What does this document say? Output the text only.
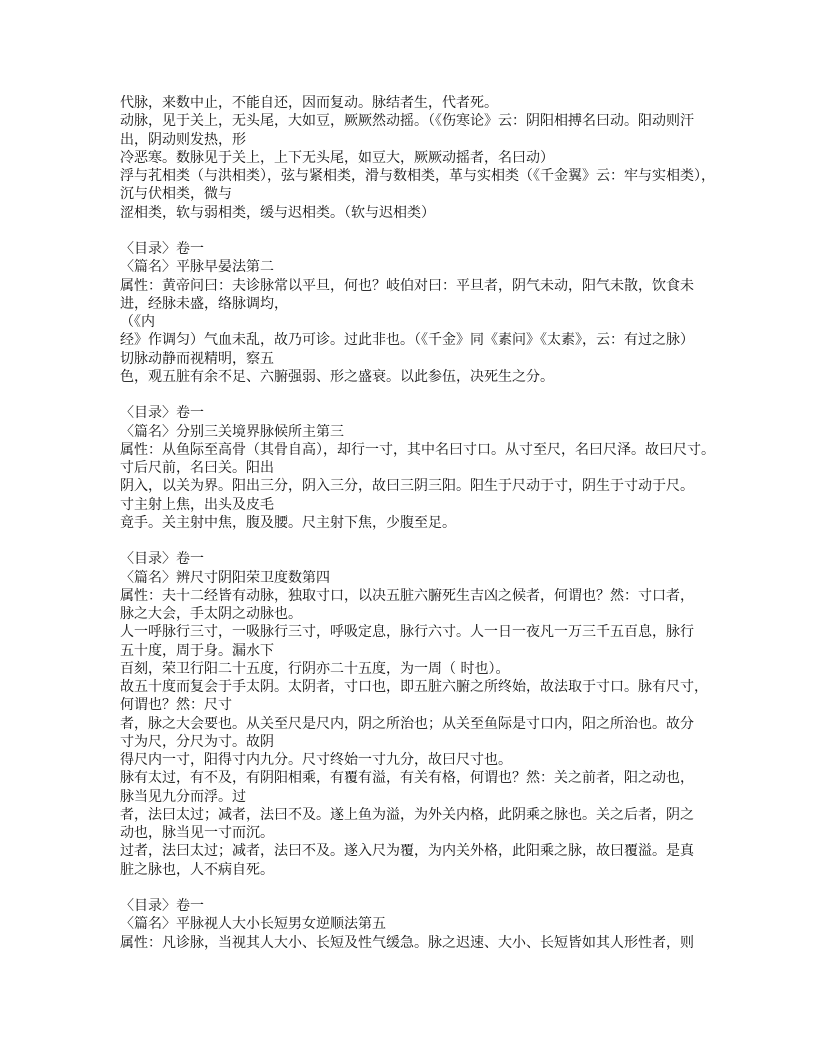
代脉，来数中止，不能自还，因而复动。脉结者生，代者死。
动脉，见于关上，无头尾，大如豆，厥厥然动摇。（《伤寒论》云：阴阳相搏名曰动。阳动则汗
出，阴动则发热，形
冷恶寒。数脉见于关上，上下无头尾，如豆大，厥厥动摇者，名曰动）
浮与芤相类（与洪相类），弦与紧相类，滑与数相类，革与实相类（《千金翼》云：牢与实相类），
沉与伏相类，微与
涩相类，软与弱相类，缓与迟相类。（软与迟相类）
〈目录〉卷一
〈篇名〉平脉早晏法第二
属性：黄帝问曰：夫诊脉常以平旦，何也？岐伯对曰：平旦者，阴气未动，阳气未散，饮食未
进，经脉未盛，络脉调均，
（《内
经》作调匀）气血未乱，故乃可诊。过此非也。（《千金》同《素问》《太素》，云：有过之脉）
切脉动静而视精明，察五
色，观五脏有余不足、六腑强弱、形之盛衰。以此参伍，决死生之分。
〈目录〉卷一
〈篇名〉分别三关境界脉候所主第三
属性：从鱼际至高骨（其骨自高），却行一寸，其中名曰寸口。从寸至尺，名曰尺泽。故曰尺寸。
寸后尺前，名曰关。阳出
阴入，以关为界。阳出三分，阴入三分，故曰三阴三阳。阳生于尺动于寸，阴生于寸动于尺。
寸主射上焦，出头及皮毛
竟手。关主射中焦，腹及腰。尺主射下焦，少腹至足。
〈目录〉卷一
〈篇名〉辨尺寸阴阳荣卫度数第四
属性：夫十二经皆有动脉，独取寸口，以决五脏六腑死生吉凶之候者，何谓也？然：寸口者，
脉之大会，手太阴之动脉也。
人一呼脉行三寸，一吸脉行三寸，呼吸定息，脉行六寸。人一日一夜凡一万三千五百息，脉行
五十度，周于身。漏水下
百刻，荣卫行阳二十五度，行阴亦二十五度，为一周（ 时也）。
故五十度而复会于手太阴。太阴者，寸口也，即五脏六腑之所终始，故法取于寸口。脉有尺寸，
何谓也？然：尺寸
者，脉之大会要也。从关至尺是尺内，阴之所治也；从关至鱼际是寸口内，阳之所治也。故分
寸为尺，分尺为寸。故阴
得尺内一寸，阳得寸内九分。尺寸终始一寸九分，故曰尺寸也。
脉有太过，有不及，有阴阳相乘，有覆有溢，有关有格，何谓也？然：关之前者，阳之动也，
脉当见九分而浮。过
者，法曰太过；减者，法曰不及。遂上鱼为溢，为外关内格，此阴乘之脉也。关之后者，阴之
动也，脉当见一寸而沉。
过者，法曰太过；减者，法曰不及。遂入尺为覆，为内关外格，此阳乘之脉，故曰覆溢。是真
脏之脉也，人不病自死。
〈目录〉卷一
〈篇名〉平脉视人大小长短男女逆顺法第五
属性：凡诊脉，当视其人大小、长短及性气缓急。脉之迟速、大小、长短皆如其人形性者，则
